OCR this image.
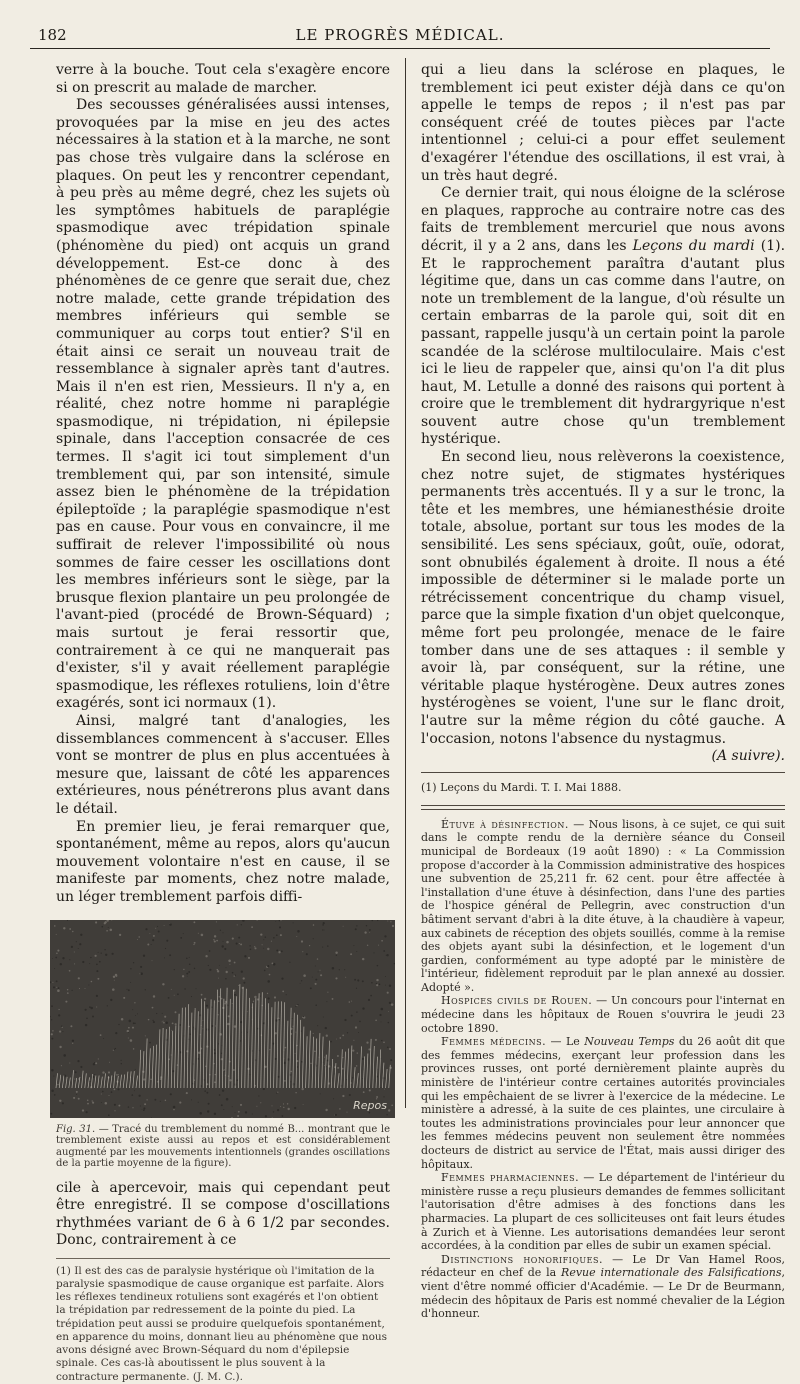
182	LE PROGRÈS MÉDICAL.

verre à la bouche. Tout cela s'exagère encore si on prescrit au malade de marcher.

Des secousses généralisées aussi intenses, provoquées par la mise en jeu des actes nécessaires à la station et à la marche, ne sont pas chose très vulgaire dans la sclérose en plaques. On peut les y rencontrer cependant, à peu près au même degré, chez les sujets où les symptômes habituels de paraplégie spasmodique avec trépidation spinale (phénomène du pied) ont acquis un grand développement. Est-ce donc à des phénomènes de ce genre que serait due, chez notre malade, cette grande trépidation des membres inférieurs qui semble se communiquer au corps tout entier? S'il en était ainsi ce serait un nouveau trait de ressemblance à signaler après tant d'autres. Mais il n'en est rien, Messieurs. Il n'y a, en réalité, chez notre homme ni paraplégie spasmodique, ni trépidation, ni épilepsie spinale, dans l'acception consacrée de ces termes. Il s'agit ici tout simplement d'un tremblement qui, par son intensité, simule assez bien le phénomène de la trépidation épileptoïde ; la paraplégie spasmodique n'est pas en cause. Pour vous en convaincre, il me suffirait de relever l'impossibilité où nous sommes de faire cesser les oscillations dont les membres inférieurs sont le siège, par la brusque flexion plantaire un peu prolongée de l'avant-pied (procédé de Brown-Séquard) ; mais surtout je ferai ressortir que, contrairement à ce qui ne manquerait pas d'exister, s'il y avait réellement paraplégie spasmodique, les réflexes rotuliens, loin d'être exagérés, sont ici normaux (1).

Ainsi, malgré tant d'analogies, les dissemblances commencent à s'accuser. Elles vont se montrer de plus en plus accentuées à mesure que, laissant de côté les apparences extérieures, nous pénétrerons plus avant dans le détail.

En premier lieu, je ferai remarquer que, spontanément, même au repos, alors qu'aucun mouvement volontaire n'est en cause, il se manifeste par moments, chez notre malade, un léger tremblement parfois diffi-

Repos
Fig. 31. — Tracé du tremblement du nommé B... montrant que le tremblement existe aussi au repos et est considérablement augmenté par les mouvements intentionnels (grandes oscillations de la partie moyenne de la figure).

cile à apercevoir, mais qui cependant peut être enregistré. Il se compose d'oscillations rhythmées variant de 6 à 6 1/2 par secondes. Donc, contrairement à ce

(1) Il est des cas de paralysie hystérique où l'imitation de la paralysie spasmodique de cause organique est parfaite. Alors les réflexes tendineux rotuliens sont exagérés et l'on obtient la trépidation par redressement de la pointe du pied. La trépidation peut aussi se produire quelquefois spontanément, en apparence du moins, donnant lieu au phénomène que nous avons désigné avec Brown-Séquard du nom d'épilepsie spinale. Ces cas-là aboutissent le plus souvent à la contracture permanente. (J. M. C.).

qui a lieu dans la sclérose en plaques, le tremblement ici peut exister déjà dans ce qu'on appelle le temps de repos ; il n'est pas par conséquent créé de toutes pièces par l'acte intentionnel ; celui-ci a pour effet seulement d'exagérer l'étendue des oscillations, il est vrai, à un très haut degré.

Ce dernier trait, qui nous éloigne de la sclérose en plaques, rapproche au contraire notre cas des faits de tremblement mercuriel que nous avons décrit, il y a 2 ans, dans les Leçons du mardi (1). Et le rapprochement paraîtra d'autant plus légitime que, dans un cas comme dans l'autre, on note un tremblement de la langue, d'où résulte un certain embarras de la parole qui, soit dit en passant, rappelle jusqu'à un certain point la parole scandée de la sclérose multiloculaire. Mais c'est ici le lieu de rappeler que, ainsi qu'on l'a dit plus haut, M. Letulle a donné des raisons qui portent à croire que le tremblement dit hydrargyrique n'est souvent autre chose qu'un tremblement hystérique.

En second lieu, nous relèverons la coexistence, chez notre sujet, de stigmates hystériques permanents très accentués. Il y a sur le tronc, la tête et les membres, une hémianesthésie droite totale, absolue, portant sur tous les modes de la sensibilité. Les sens spéciaux, goût, ouïe, odorat, sont obnubilés également à droite. Il nous a été impossible de déterminer si le malade porte un rétrécissement concentrique du champ visuel, parce que la simple fixation d'un objet quelconque, même fort peu prolongée, menace de le faire tomber dans une de ses attaques : il semble y avoir là, par conséquent, sur la rétine, une véritable plaque hystérogène. Deux autres zones hystérogènes se voient, l'une sur le flanc droit, l'autre sur la même région du côté gauche. A l'occasion, notons l'absence du nystagmus.

(A suivre).
(1) Leçons du Mardi. T. I. Mai 1888.

Étuve à désinfection. — Nous lisons, à ce sujet, ce qui suit dans le compte rendu de la dernière séance du Conseil municipal de Bordeaux (19 août 1890) : « La Commission propose d'accorder à la Commission administrative des hospices une subvention de 25,211 fr. 62 cent. pour être affectée à l'installation d'une étuve à désinfection, dans l'une des parties de l'hospice général de Pellegrin, avec construction d'un bâtiment servant d'abri à la dite étuve, à la chaudière à vapeur, aux cabinets de réception des objets souillés, comme à la remise des objets ayant subi la désinfection, et le logement d'un gardien, conformément au type adopté par le ministère de l'intérieur, fidèlement reproduit par le plan annexé au dossier. Adopté ».

Hospices civils de Rouen. — Un concours pour l'internat en médecine dans les hôpitaux de Rouen s'ouvrira le jeudi 23 octobre 1890.

Femmes médecins. — Le Nouveau Temps du 26 août dit que des femmes médecins, exerçant leur profession dans les provinces russes, ont porté dernièrement plainte auprès du ministère de l'intérieur contre certaines autorités provinciales qui les empêchaient de se livrer à l'exercice de la médecine. Le ministère a adressé, à la suite de ces plaintes, une circulaire à toutes les administrations provinciales pour leur annoncer que les femmes médecins peuvent non seulement être nommées docteurs de district au service de l'État, mais aussi diriger des hôpitaux.

Femmes pharmaciennes. — Le département de l'intérieur du ministère russe a reçu plusieurs demandes de femmes sollicitant l'autorisation d'être admises à des fonctions dans les pharmacies. La plupart de ces solliciteuses ont fait leurs études à Zurich et à Vienne. Les autorisations demandées leur seront accordées, à la condition par elles de subir un examen spécial.

Distinctions honorifiques. — Le Dr Van Hamel Roos, rédacteur en chef de la Revue internationale des Falsifications, vient d'être nommé officier d'Académie. — Le Dr de Beurmann, médecin des hôpitaux de Paris est nommé chevalier de la Légion d'honneur.
